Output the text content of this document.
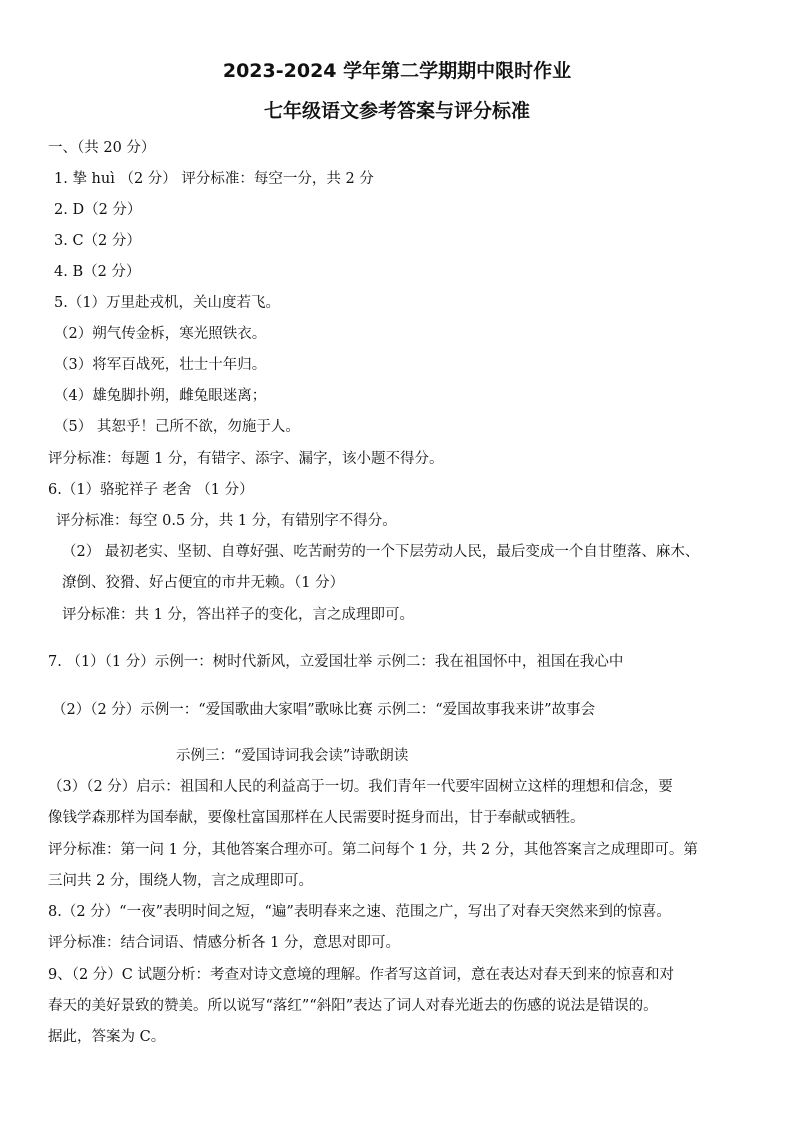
2023-2024 学年第二学期期中限时作业
七年级语文参考答案与评分标准
一、（共 20 分）
1. 挚 huì （2 分） 评分标准：每空一分，共 2 分
2. D（2 分）
3. C（2 分）
4. B（2 分）
5.（1）万里赴戎机，关山度若飞。
（2）朔气传金柝，寒光照铁衣。
（3）将军百战死，壮士十年归。
（4）雄兔脚扑朔，雌兔眼迷离；
（5） 其恕乎！己所不欲，勿施于人。
评分标准：每题 1 分，有错字、添字、漏字，该小题不得分。
6.（1）骆驼祥子 老舍 （1 分）
评分标准：每空 0.5 分，共 1 分，有错别字不得分。
（2） 最初老实、坚韧、自尊好强、吃苦耐劳的一个下层劳动人民，最后变成一个自甘堕落、麻木、
潦倒、狡猾、好占便宜的市井无赖。（1 分）
评分标准：共 1 分，答出祥子的变化，言之成理即可。
7. （1）（1 分）示例一：树时代新风，立爱国壮举 示例二：我在祖国怀中，祖国在我心中
（2）（2 分）示例一：“爱国歌曲大家唱”歌咏比赛 示例二：“爱国故事我来讲”故事会
示例三：“爱国诗词我会读”诗歌朗读
（3）（2 分）启示：祖国和人民的利益高于一切。我们青年一代要牢固树立这样的理想和信念，要
像钱学森那样为国奉献，要像杜富国那样在人民需要时挺身而出，甘于奉献或牺牲。
评分标准：第一问 1 分，其他答案合理亦可。第二问每个 1 分，共 2 分，其他答案言之成理即可。第
三问共 2 分，围绕人物，言之成理即可。
8.（2 分）“一夜”表明时间之短，“遍”表明春来之速、范围之广，写出了对春天突然来到的惊喜。
评分标准：结合词语、情感分析各 1 分，意思对即可。
9、（2 分）C 试题分析：考查对诗文意境的理解。作者写这首词，意在表达对春天到来的惊喜和对
春天的美好景致的赞美。所以说写“落红”“斜阳”表达了词人对春光逝去的伤感的说法是错误的。
据此，答案为 C。
